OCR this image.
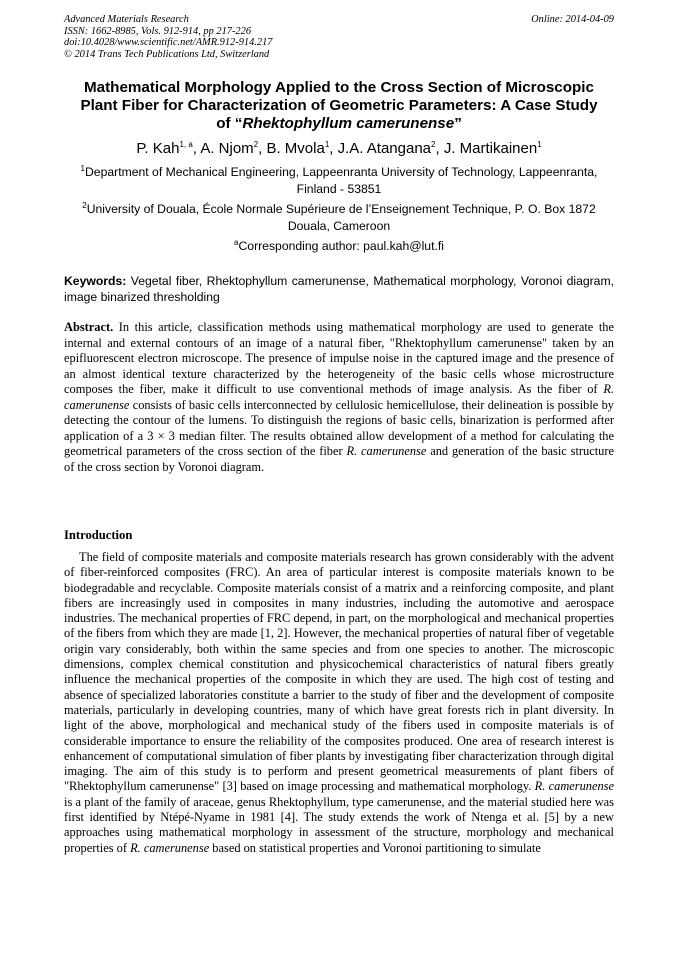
Advanced Materials Research
ISSN: 1662-8985, Vols. 912-914, pp 217-226
doi:10.4028/www.scientific.net/AMR.912-914.217
© 2014 Trans Tech Publications Ltd, Switzerland
Online: 2014-04-09
Mathematical Morphology Applied to the Cross Section of Microscopic
Plant Fiber for Characterization of Geometric Parameters: A Case Study
of “Rhektophyllum camerunense”
P. Kah$^{1, a}$, A. Njom$^2$, B. Mvola$^1$, J.A. Atangana$^2$, J. Martikainen$^1$
$^1$Department of Mechanical Engineering, Lappeenranta University of Technology, Lappeenranta, Finland - 53851
$^2$University of Douala, École Normale Supérieure de l’Enseignement Technique, P. O. Box 1872 Douala, Cameroon
$^a$Corresponding author: paul.kah@lut.fi
Keywords: Vegetal fiber, Rhektophyllum camerunense, Mathematical morphology, Voronoi diagram, image binarized thresholding
Abstract. In this article, classification methods using mathematical morphology are used to generate the internal and external contours of an image of a natural fiber, "Rhektophyllum camerunense" taken by an epifluorescent electron microscope. The presence of impulse noise in the captured image and the presence of an almost identical texture characterized by the heterogeneity of the basic cells whose microstructure composes the fiber, make it difficult to use conventional methods of image analysis. As the fiber of R. camerunense consists of basic cells interconnected by cellulosic hemicellulose, their delineation is possible by detecting the contour of the lumens. To distinguish the regions of basic cells, binarization is performed after application of a 3 × 3 median filter. The results obtained allow development of a method for calculating the geometrical parameters of the cross section of the fiber R. camerunense and generation of the basic structure of the cross section by Voronoi diagram.
Introduction
The field of composite materials and composite materials research has grown considerably with the advent of fiber-reinforced composites (FRC). An area of particular interest is composite materials known to be biodegradable and recyclable. Composite materials consist of a matrix and a reinforcing composite, and plant fibers are increasingly used in composites in many industries, including the automotive and aerospace industries. The mechanical properties of FRC depend, in part, on the morphological and mechanical properties of the fibers from which they are made [1, 2]. However, the mechanical properties of natural fiber of vegetable origin vary considerably, both within the same species and from one species to another. The microscopic dimensions, complex chemical constitution and physicochemical characteristics of natural fibers greatly influence the mechanical properties of the composite in which they are used. The high cost of testing and absence of specialized laboratories constitute a barrier to the study of fiber and the development of composite materials, particularly in developing countries, many of which have great forests rich in plant diversity. In light of the above, morphological and mechanical study of the fibers used in composite materials is of considerable importance to ensure the reliability of the composites produced. One area of research interest is enhancement of computational simulation of fiber plants by investigating fiber characterization through digital imaging. The aim of this study is to perform and present geometrical measurements of plant fibers of "Rhektophyllum camerunense" [3] based on image processing and mathematical morphology. R. camerunense is a plant of the family of araceae, genus Rhektophyllum, type camerunense, and the material studied here was first identified by Ntépé-Nyame in 1981 [4]. The study extends the work of Ntenga et al. [5] by a new approaches using mathematical morphology in assessment of the structure, morphology and mechanical properties of R. camerunense based on statistical properties and Voronoi partitioning to simulate
